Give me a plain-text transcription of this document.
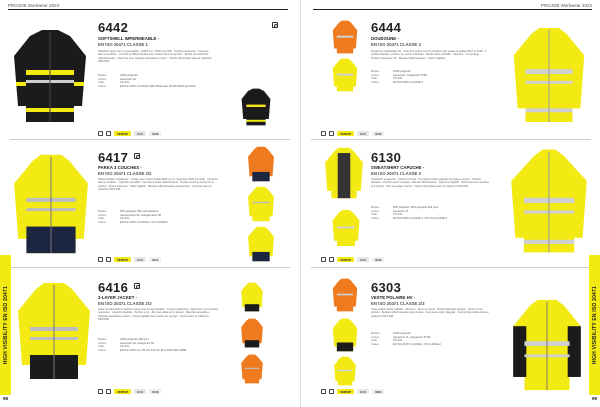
PROJOB Workwear 2023
6442
SOFTSHELL IMPERMEABLE -
EN ISO 20471 CLASSE 1
Softshell coupe-vent / imperméable : 10000 mm / 3000 g/m²/24h · Poches intérieures · Coutures thermo-scellées · Col haut et PEM chaudes avec cordon dans la capuche · Bande de recherche réfléchissantes · Manches avec poignets ajustables à velcro · Coloris disponibles dans la collection PROJOB.
Matière	100% polyester
Coloris	Jaune/noir 19
Taille	XS–4XL
Classe	EN ISO 20471 CLASSE 1 EN 13034 avec 7B PR 00000 g/m²/24h
VENTAP	ECO	6442
6417
PARKA 3 COUCHES -
EN ISO 20471 CLASSE 2/2
Parka doublée matelassée · Coupe-vent, imperméable 8000 mm et respirante 4000 g/m²/24h · Coutures thermo-scellées · Capuche amovible · Fermeture éclair réfléchissante · Poches avant et poche sur la poitrine · Poche intérieure · Taille réglable · Bandes réfléchissantes segmentées · 2 poches dans la collection PROJOB.
Matière	65% polyester 35% polyuréthane
Coloris	Jaune/marine 30, orange/marine 50
Taille	XS–4XL
Classe	EN ISO 20471 CLASSE 2, XS CLASSE 2
VENTAP	ECO	6417
6416
3-LAYER JACKET -
EN ISO 20471 CLASSE 2/3
Veste fonctionnelle 3 couches coupe-vent et imperméable · Coutures étanches · Membrane à 2 couches respirante · Capuche réglable · Poches à zip · Zip sous rabat sur le devant · Manches ajustables · Poignets ajustables à velcro · Ourlet réglable avec cordon de serrage · Coloris dans la collection PROJOB.
Matière	100% polyester 300 g/m²
Coloris	Jaune/noir 19, orange/noir 59
Taille	XS–4XL
Classe	EN ISO 20471 CL 2/3, EN 343 2/3, EN 13034 / EN 14058
VENTAP	ECO	6416
HIGH VISIBILITY EN ISO 20471
98
PROJOB Workwear 2023
6444
DOUDOUNE -
EN ISO 20471 CLASSE 3
Doudoune matelassée HV · Peut être portée comme doublure des vestes et parkas 6417 et 6418 · 2 poches latérales, poches zip, poche intérieure · Bande haute visibilité · Capuche · Col protégé · Poches intérieures zip · Bandes réfléchissantes · Ourlet réglable.
Matière	100% polyester
Coloris	Jaune/noir, orange/noir 57/58
Taille	XS–4XL
Classe	EN ISO 20471 CLASSE 3
VENTAP	ECO	6444
6130
SWEATSHIRT CAPUCHE -
EN ISO 20471 CLASSE 3
Sweatshirt à capuche · Intérieur brossé · Fermeture éclair intégrale et protège-menton · Poches latérales · Poches avant ventrales · Bande réfléchissante · Capuche réglable · Bord-côte aux manches et à l'ourlet · Pour un usage intensif · Coloris disponibles dans la collection PROJOB.
Matière	50% polyester, 50% polyester 300 g/m²
Coloris	Jaune/noir 11
Taille	XS–4XL
Classe	EN ISO 20471 CLASSE 3, XS à XS CLASSE 2
VENTAP	ECO	6130
6303
VESTE POLAIRE HV -
EN ISO 20471 CLASSE 2/3
Veste polaire haute visibilité · 300 g/m² · Doux et chaud · Poches latérales zippées · Poche sur la poitrine · Bandes réfléchissantes segmentées · Fermeture éclair intégrale · Coloris disponibles dans la collection PROJOB.
Matière	100% polyester
Coloris	Jaune/noir 11, orange/noir 57/58
Taille	XS–4XL
Classe	EN ISO 20471 CLASSE 2, XS CLASSE 2
VENTAP	ECO	6303
HIGH VISIBILITY EN ISO 20471
99
